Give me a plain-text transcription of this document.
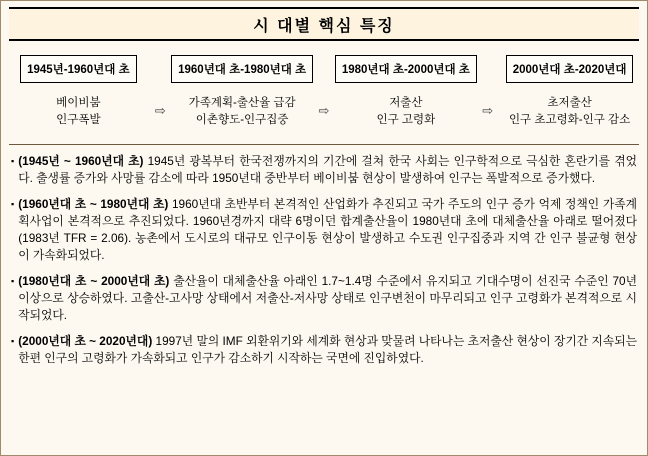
시 대별 핵심 특징
1945년-1960년대 초
베이비붐
인구폭발
⇨
1960년대 초-1980년대 초
가족계획-출산율 급감
이촌향도-인구집중
⇨
1980년대 초-2000년대 초
저출산
인구 고령화
⇨
2000년대 초-2020년대
초저출산
인구 초고령화-인구 감소
▪ (1945년 ~ 1960년대 초) 1945년 광복부터 한국전쟁까지의 기간에 걸쳐 한국 사회는 인구학적으로 극심한 혼란기를 겪었다. 출생률 증가와 사망률 감소에 따라 1950년대 중반부터 베이비붐 현상이 발생하여 인구는 폭발적으로 증가했다.
▪ (1960년대 초 ~ 1980년대 초) 1960년대 초반부터 본격적인 산업화가 추진되고 국가 주도의 인구 증가 억제 정책인 가족계획사업이 본격적으로 추진되었다. 1960년경까지 대략 6명이던 합계출산율이 1980년대 초에 대체출산율 아래로 떨어졌다(1983년 TFR = 2.06). 농촌에서 도시로의 대규모 인구이동 현상이 발생하고 수도권 인구집중과 지역 간 인구 불균형 현상이 가속화되었다.
▪ (1980년대 초 ~ 2000년대 초) 출산율이 대체출산율 아래인 1.7~1.4명 수준에서 유지되고 기대수명이 선진국 수준인 70년 이상으로 상승하였다. 고출산-고사망 상태에서 저출산-저사망 상태로 인구변천이 마무리되고 인구 고령화가 본격적으로 시작되었다.
▪ (2000년대 초 ~ 2020년대) 1997년 말의 IMF 외환위기와 세계화 현상과 맞물려 나타나는 초저출산 현상이 장기간 지속되는 한편 인구의 고령화가 가속화되고 인구가 감소하기 시작하는 국면에 진입하였다.
